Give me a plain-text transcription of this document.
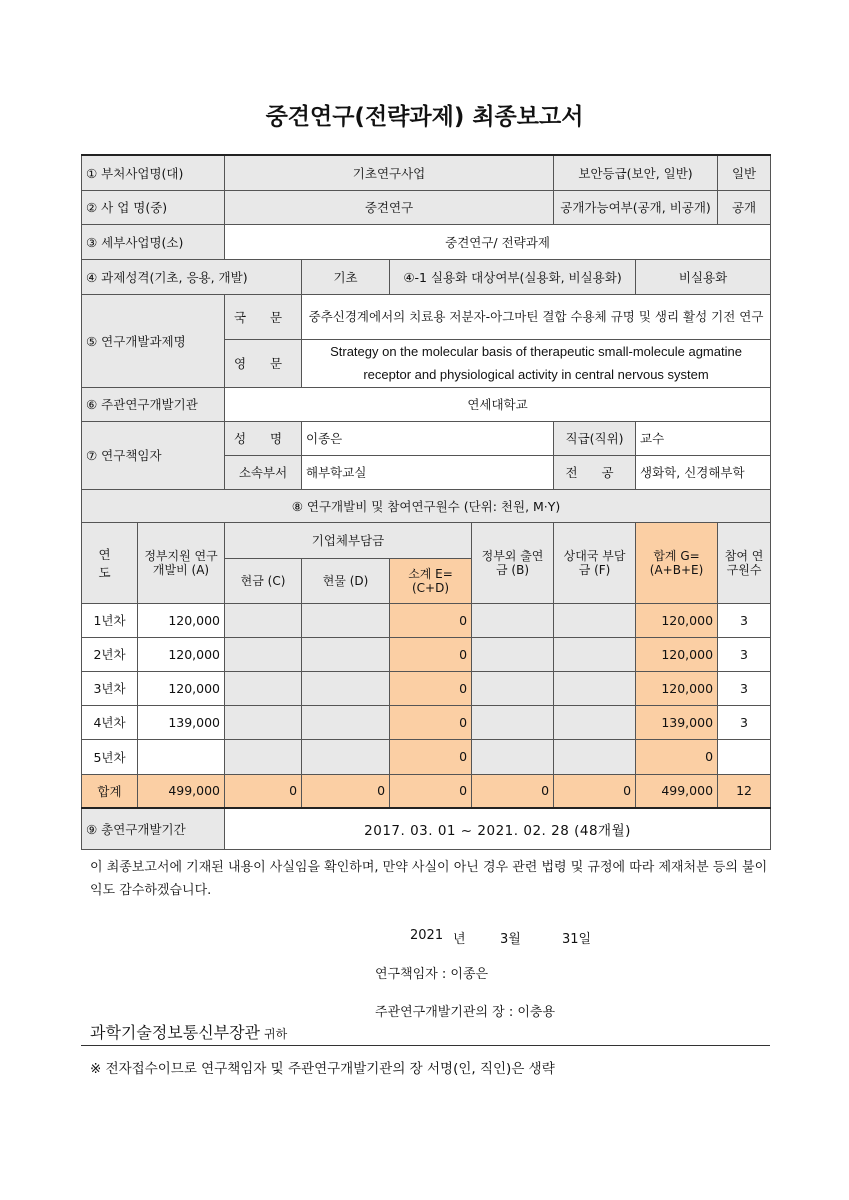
중견연구(전략과제) 최종보고서
① 부처사업명(대)		기초연구사업				보안등급(보안, 일반)		일반
② 사 업 명(중)		중견연구				공개가능여부(공개, 비공개)		공개
③ 세부사업명(소)		중견연구/ 전략과제						
④ 과제성격(기초, 응용, 개발)			기초	④-1 실용화 대상여부(실용화, 비실용화)			비실용화	
⑤ 연구개발과제명		국 문	중추신경계에서의 치료용 저분자-아그마틴 결합 수용체 규명 및 생리 활성 기전 연구					
		영 문	Strategy on the molecular basis of therapeutic small-molecule agmatine receptor and physiological activity in central nervous system					
⑥ 주관연구개발기관		연세대학교						
⑦ 연구책임자		성 명	이종은			직급(직위)	교수	
		소속부서	해부학교실			전 공	생화학, 신경해부학	
⑧ 연구개발비 및 참여연구원수 (단위: 천원, M·Y)								
연 도	정부지원 연구개발비 (A)	기업체부담금			정부외 출연금 (B)	상대국 부담금 (F)	합계 G=(A+B+E)	참여 연구원수
		현금 (C)	현물 (D)	소계 E=(C+D)				
1년차	120,000			0			120,000	3
2년차	120,000			0			120,000	3
3년차	120,000			0			120,000	3
4년차	139,000			0			139,000	3
5년차				0			0	
합계	499,000	0	0	0	0	0	499,000	12
⑨ 총연구개발기간		2017. 03. 01 ~ 2021. 02. 28 (48개월)						
이 최종보고서에 기재된 내용이 사실임을 확인하며, 만약 사실이 아닌 경우 관련 법령 및 규정에 따라 제재처분 등의 불이익도 감수하겠습니다.
2021 년	3월	31일
연구책임자 : 이종은
주관연구개발기관의 장 : 이충용
과학기술정보통신부장관 귀하
※ 전자접수이므로 연구책임자 및 주관연구개발기관의 장 서명(인, 직인)은 생략
